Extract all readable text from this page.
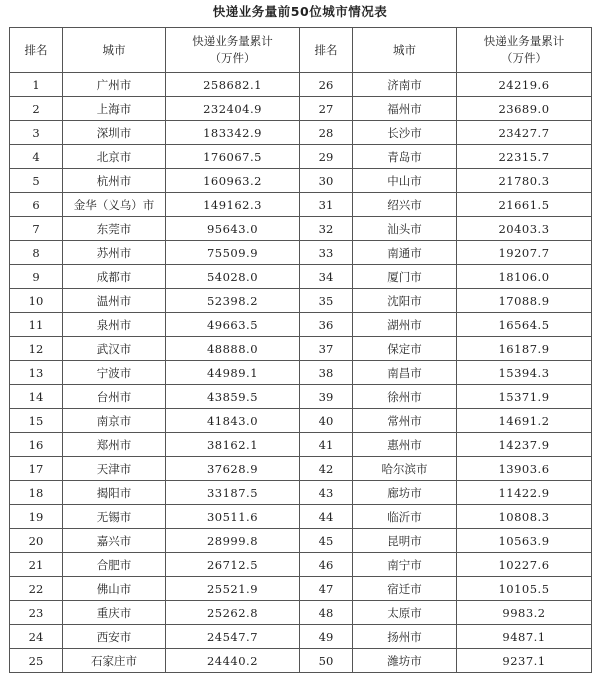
快递业务量前50位城市情况表
排名	城市	快递业务量累计
（万件）	排名	城市	快递业务量累计
（万件）
1	广州市	258682.1	26	济南市	24219.6
2	上海市	232404.9	27	福州市	23689.0
3	深圳市	183342.9	28	长沙市	23427.7
4	北京市	176067.5	29	青岛市	22315.7
5	杭州市	160963.2	30	中山市	21780.3
6	金华（义乌）市	149162.3	31	绍兴市	21661.5
7	东莞市	95643.0	32	汕头市	20403.3
8	苏州市	75509.9	33	南通市	19207.7
9	成都市	54028.0	34	厦门市	18106.0
10	温州市	52398.2	35	沈阳市	17088.9
11	泉州市	49663.5	36	湖州市	16564.5
12	武汉市	48888.0	37	保定市	16187.9
13	宁波市	44989.1	38	南昌市	15394.3
14	台州市	43859.5	39	徐州市	15371.9
15	南京市	41843.0	40	常州市	14691.2
16	郑州市	38162.1	41	惠州市	14237.9
17	天津市	37628.9	42	哈尔滨市	13903.6
18	揭阳市	33187.5	43	廊坊市	11422.9
19	无锡市	30511.6	44	临沂市	10808.3
20	嘉兴市	28999.8	45	昆明市	10563.9
21	合肥市	26712.5	46	南宁市	10227.6
22	佛山市	25521.9	47	宿迁市	10105.5
23	重庆市	25262.8	48	太原市	9983.2
24	西安市	24547.7	49	扬州市	9487.1
25	石家庄市	24440.2	50	潍坊市	9237.1
